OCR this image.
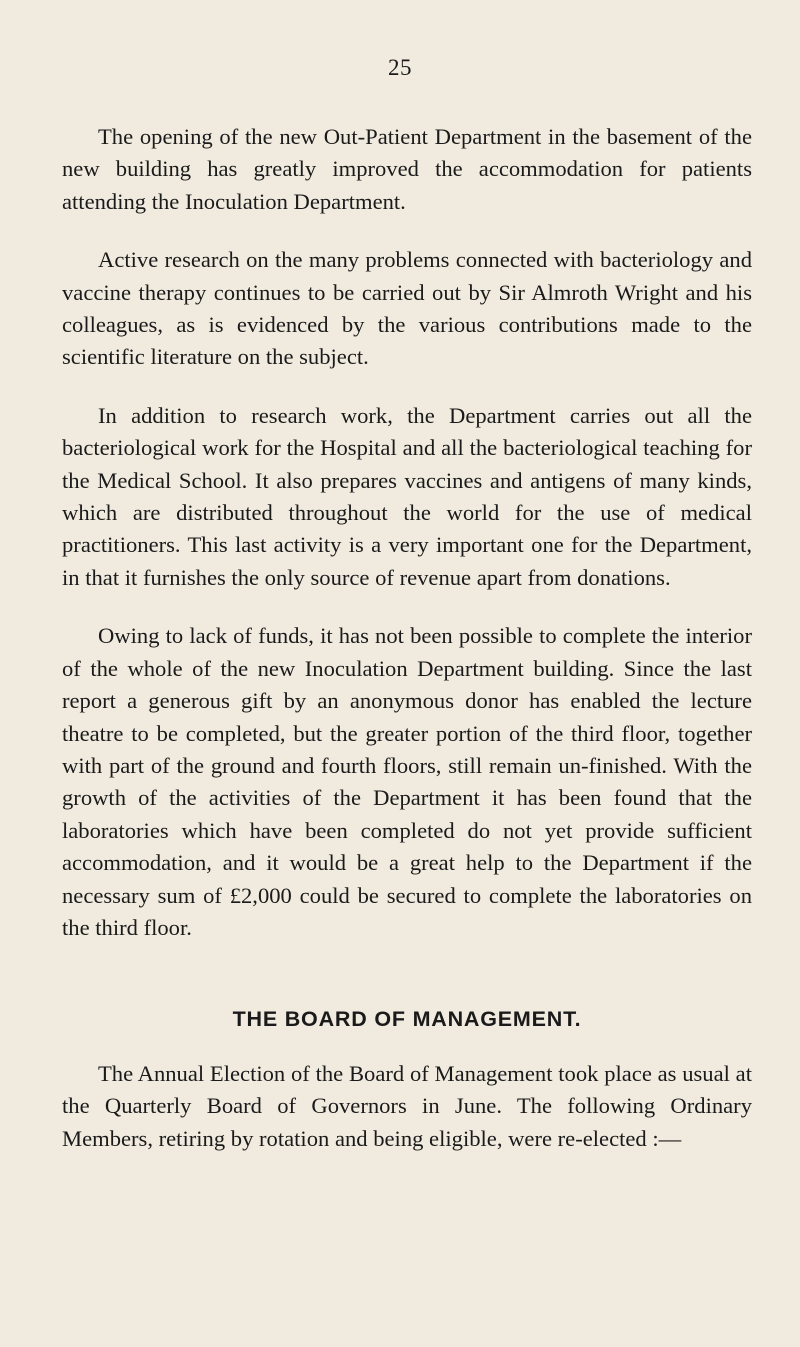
25

The opening of the new Out-Patient Department in the basement of the new building has greatly improved the accommodation for patients attending the Inoculation Department.

Active research on the many problems connected with bacteriology and vaccine therapy continues to be carried out by Sir Almroth Wright and his colleagues, as is evidenced by the various contributions made to the scientific literature on the subject.

In addition to research work, the Department carries out all the bacteriological work for the Hospital and all the bacteriological teaching for the Medical School. It also prepares vaccines and antigens of many kinds, which are distributed throughout the world for the use of medical practitioners. This last activity is a very important one for the Department, in that it furnishes the only source of revenue apart from donations.

Owing to lack of funds, it has not been possible to complete the interior of the whole of the new Inoculation Department building. Since the last report a generous gift by an anonymous donor has enabled the lecture theatre to be completed, but the greater portion of the third floor, together with part of the ground and fourth floors, still remain un-finished. With the growth of the activities of the Department it has been found that the laboratories which have been completed do not yet provide sufficient accommodation, and it would be a great help to the Department if the necessary sum of £2,000 could be secured to complete the laboratories on the third floor.

THE BOARD OF MANAGEMENT.

The Annual Election of the Board of Management took place as usual at the Quarterly Board of Governors in June. The following Ordinary Members, retiring by rotation and being eligible, were re-elected :—
